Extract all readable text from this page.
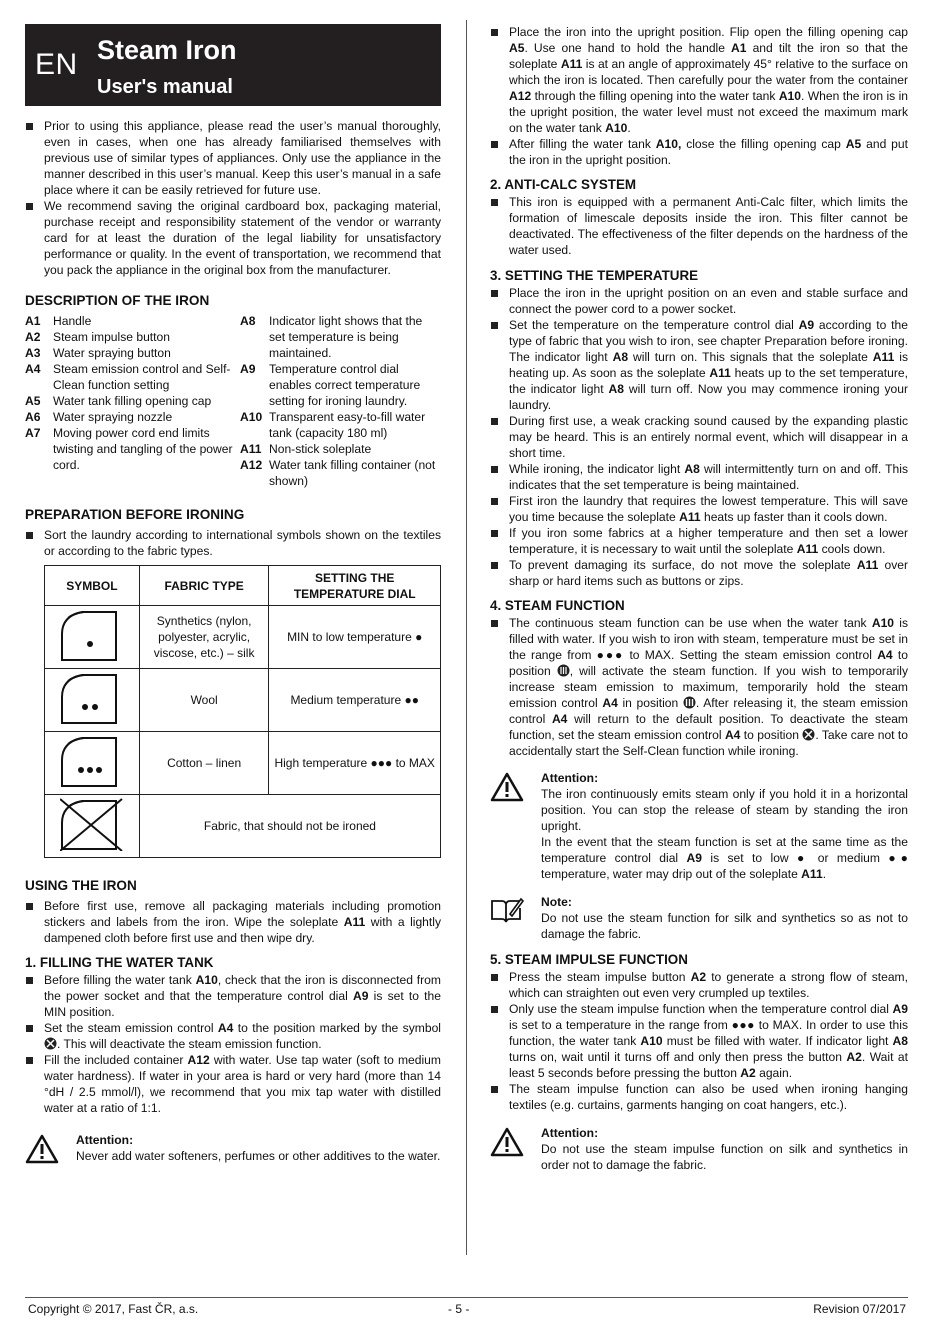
EN Steam Iron
User's manual
Prior to using this appliance, please read the user’s manual thoroughly, even in cases, when one has already familiarised themselves with previous use of similar types of appliances. Only use the appliance in the manner described in this user’s manual. Keep this user’s manual in a safe place where it can be easily retrieved for future use.
We recommend saving the original cardboard box, packaging material, purchase receipt and responsibility statement of the vendor or warranty card for at least the duration of the legal liability for unsatisfactory performance or quality. In the event of transportation, we recommend that you pack the appliance in the original box from the manufacturer.
DESCRIPTION OF THE IRON
A1	Handle
A2	Steam impulse button
A3	Water spraying button
A4	Steam emission control and Self-Clean function setting
A5	Water tank filling opening cap
A6	Water spraying nozzle
A7	Moving power cord end limits twisting and tangling of the power cord.
A8	Indicator light shows that the set temperature is being maintained.
A9	Temperature control dial enables correct temperature setting for ironing laundry.
A10 Transparent easy-to-fill water tank (capacity 180 ml)
A11 Non-stick soleplate
A12 Water tank filling container (not shown)
PREPARATION BEFORE IRONING
Sort the laundry according to international symbols shown on the textiles or according to the fabric types.
SYMBOL	FABRIC TYPE	SETTING THE TEMPERATURE DIAL
	Synthetics (nylon, polyester, acrylic, viscose, etc.) – silk	MIN to low temperature ●
	Wool	Medium temperature ●●
	Cotton – linen	High temperature ●●● to MAX
	Fabric, that should not be ironed	
USING THE IRON
Before first use, remove all packaging materials including promotion stickers and labels from the iron. Wipe the soleplate A11 with a lightly dampened cloth before first use and then wipe dry.
1. FILLING THE WATER TANK
Before filling the water tank A10, check that the iron is disconnected from the power socket and that the temperature control dial A9 is set to the MIN position.
Set the steam emission control A4 to the position marked by the symbol . This will deactivate the steam emission function.
Fill the included container A12 with water. Use tap water (soft to medium water hardness). If water in your area is hard or very hard (more than 14 °dH / 2.5 mmol/l), we recommend that you mix tap water with distilled water at a ratio of 1:1.
Attention:
Never add water softeners, perfumes or other additives to the water.
Place the iron into the upright position. Flip open the filling opening cap A5. Use one hand to hold the handle A1 and tilt the iron so that the soleplate A11 is at an angle of approximately 45° relative to the surface on which the iron is located. Then carefully pour the water from the container A12 through the filling opening into the water tank A10. When the iron is in the upright position, the water level must not exceed the maximum mark on the water tank A10.
After filling the water tank A10, close the filling opening cap A5 and put the iron in the upright position.
2. ANTI-CALC SYSTEM
This iron is equipped with a permanent Anti-Calc filter, which limits the formation of limescale deposits inside the iron. This filter cannot be deactivated. The effectiveness of the filter depends on the hardness of the water used.
3. SETTING THE TEMPERATURE
Place the iron in the upright position on an even and stable surface and connect the power cord to a power socket.
Set the temperature on the temperature control dial A9 according to the type of fabric that you wish to iron, see chapter Preparation before ironing. The indicator light A8 will turn on. This signals that the soleplate A11 is heating up. As soon as the soleplate A11 heats up to the set temperature, the indicator light A8 will turn off. Now you may commence ironing your laundry.
During first use, a weak cracking sound caused by the expanding plastic may be heard. This is an entirely normal event, which will disappear in a short time.
While ironing, the indicator light A8 will intermittently turn on and off. This indicates that the set temperature is being maintained.
First iron the laundry that requires the lowest temperature. This will save you time because the soleplate A11 heats up faster than it cools down.
If you iron some fabrics at a higher temperature and then set a lower temperature, it is necessary to wait until the soleplate A11 cools down.
To prevent damaging its surface, do not move the soleplate A11 over sharp or hard items such as buttons or zips.
4. STEAM FUNCTION
The continuous steam function can be use when the water tank A10 is filled with water. If you wish to iron with steam, temperature must be set in the range from ●●● to MAX. Setting the steam emission control A4 to position , will activate the steam function. If you wish to temporarily increase steam emission to maximum, temporarily hold the steam emission control A4 in position . After releasing it, the steam emission control A4 will return to the default position. To deactivate the steam function, set the steam emission control A4 to position . Take care not to accidentally start the Self-Clean function while ironing.
Attention:
The iron continuously emits steam only if you hold it in a horizontal position. You can stop the release of steam by standing the iron upright.
In the event that the steam function is set at the same time as the temperature control dial A9 is set to low ● or medium ●● temperature, water may drip out of the soleplate A11.
Note:
Do not use the steam function for silk and synthetics so as not to damage the fabric.
5. STEAM IMPULSE FUNCTION
Press the steam impulse button A2 to generate a strong flow of steam, which can straighten out even very crumpled up textiles.
Only use the steam impulse function when the temperature control dial A9 is set to a temperature in the range from ●●● to MAX. In order to use this function, the water tank A10 must be filled with water. If indicator light A8 turns on, wait until it turns off and only then press the button A2. Wait at least 5 seconds before pressing the button A2 again.
The steam impulse function can also be used when ironing hanging textiles (e.g. curtains, garments hanging on coat hangers, etc.).
Attention:
Do not use the steam impulse function on silk and synthetics in order not to damage the fabric.
Copyright © 2017, Fast ČR, a.s.	- 5 -	Revision 07/2017
